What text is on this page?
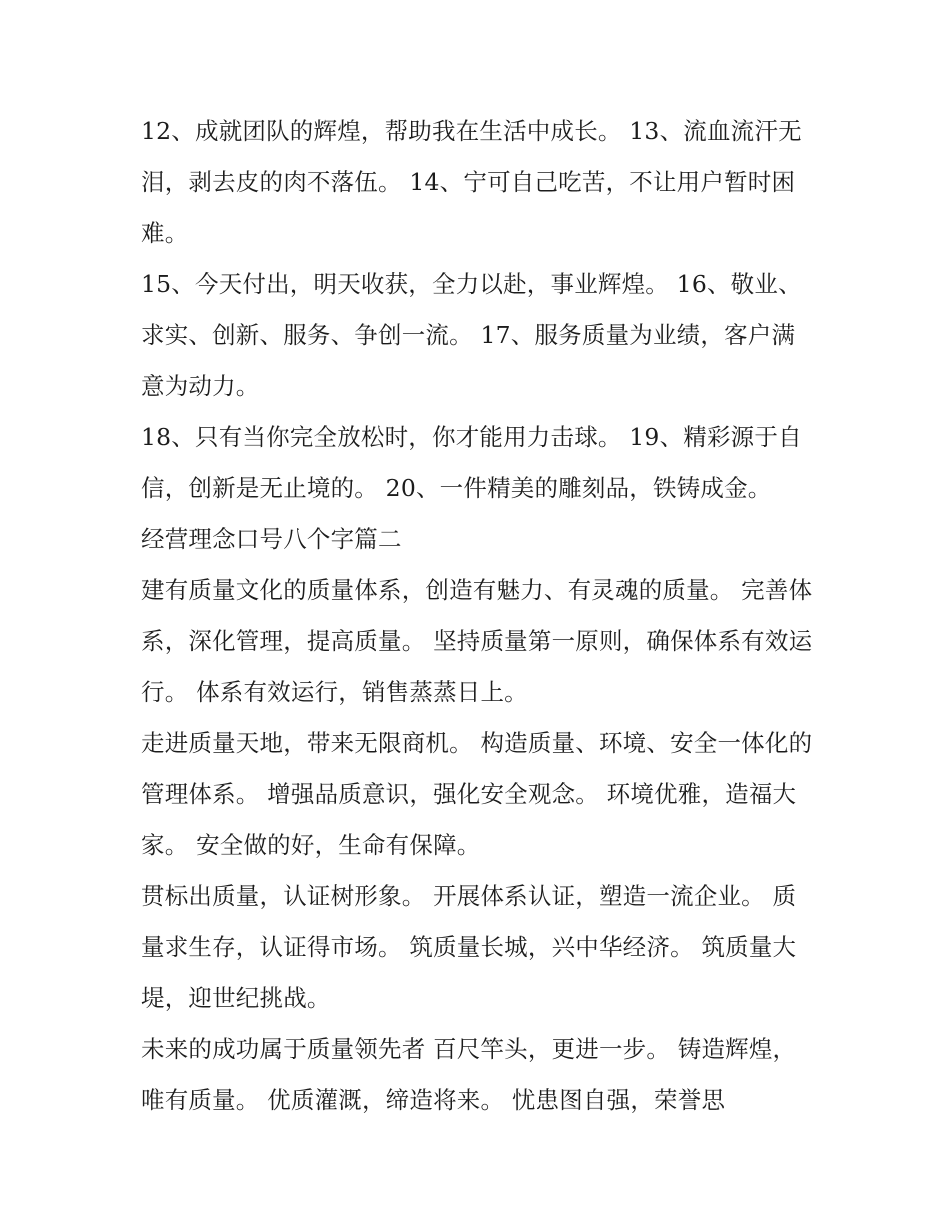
12、成就团队的辉煌，帮助我在生活中成长。 13、流血流汗无泪，剥去皮的肉不落伍。 14、宁可自己吃苦，不让用户暂时困难。

15、今天付出，明天收获，全力以赴，事业辉煌。 16、敬业、求实、创新、服务、争创一流。 17、服务质量为业绩，客户满意为动力。

18、只有当你完全放松时，你才能用力击球。 19、精彩源于自信，创新是无止境的。 20、一件精美的雕刻品，铁铸成金。

经营理念口号八个字篇二

建有质量文化的质量体系，创造有魅力、有灵魂的质量。 完善体系，深化管理，提高质量。 坚持质量第一原则，确保体系有效运行。 体系有效运行，销售蒸蒸日上。

走进质量天地，带来无限商机。 构造质量、环境、安全一体化的管理体系。 增强品质意识，强化安全观念。 环境优雅，造福大家。 安全做的好，生命有保障。

贯标出质量，认证树形象。 开展体系认证，塑造一流企业。 质量求生存，认证得市场。 筑质量长城，兴中华经济。 筑质量大堤，迎世纪挑战。

未来的成功属于质量领先者 百尺竿头，更进一步。 铸造辉煌，唯有质量。 优质灌溉，缔造将来。 忧患图自强，荣誉思
